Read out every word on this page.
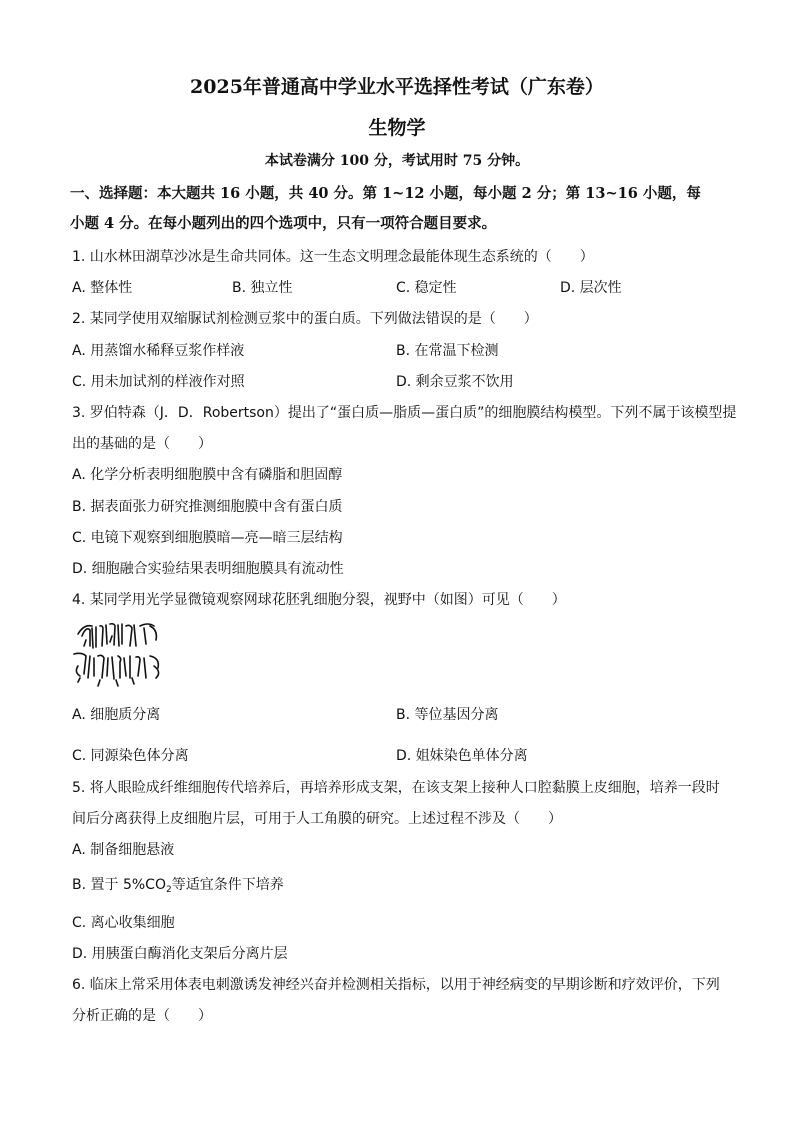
2025年普通高中学业水平选择性考试（广东卷）
生物学
本试卷满分 100 分，考试用时 75 分钟。
一、选择题：本大题共 16 小题，共 40 分。第 1~12 小题，每小题 2 分；第 13~16 小题，每
小题 4 分。在每小题列出的四个选项中，只有一项符合题目要求。
1. 山水林田湖草沙冰是生命共同体。这一生态文明理念最能体现生态系统的（　　）
A. 整体性	B. 独立性	C. 稳定性	D. 层次性
2. 某同学使用双缩脲试剂检测豆浆中的蛋白质。下列做法错误的是（　　）
A. 用蒸馏水稀释豆浆作样液	B. 在常温下检测
C. 用未加试剂的样液作对照	D. 剩余豆浆不饮用
3. 罗伯特森（J．D．Robertson）提出了“蛋白质—脂质—蛋白质”的细胞膜结构模型。下列不属于该模型提
出的基础的是（　　）
A. 化学分析表明细胞膜中含有磷脂和胆固醇
B. 据表面张力研究推测细胞膜中含有蛋白质
C. 电镜下观察到细胞膜暗—亮—暗三层结构
D. 细胞融合实验结果表明细胞膜具有流动性
4. 某同学用光学显微镜观察网球花胚乳细胞分裂，视野中（如图）可见（　　）
A. 细胞质分离	B. 等位基因分离
C. 同源染色体分离	D. 姐妹染色单体分离
5. 将人眼睑成纤维细胞传代培养后，再培养形成支架，在该支架上接种人口腔黏膜上皮细胞，培养一段时
间后分离获得上皮细胞片层，可用于人工角膜的研究。上述过程不涉及（　　）
A. 制备细胞悬液
B. 置于 $5\%CO_2$等适宜条件下培养
C. 离心收集细胞
D. 用胰蛋白酶消化支架后分离片层
6. 临床上常采用体表电刺激诱发神经兴奋并检测相关指标，以用于神经病变的早期诊断和疗效评价，下列
分析正确的是（　　）
